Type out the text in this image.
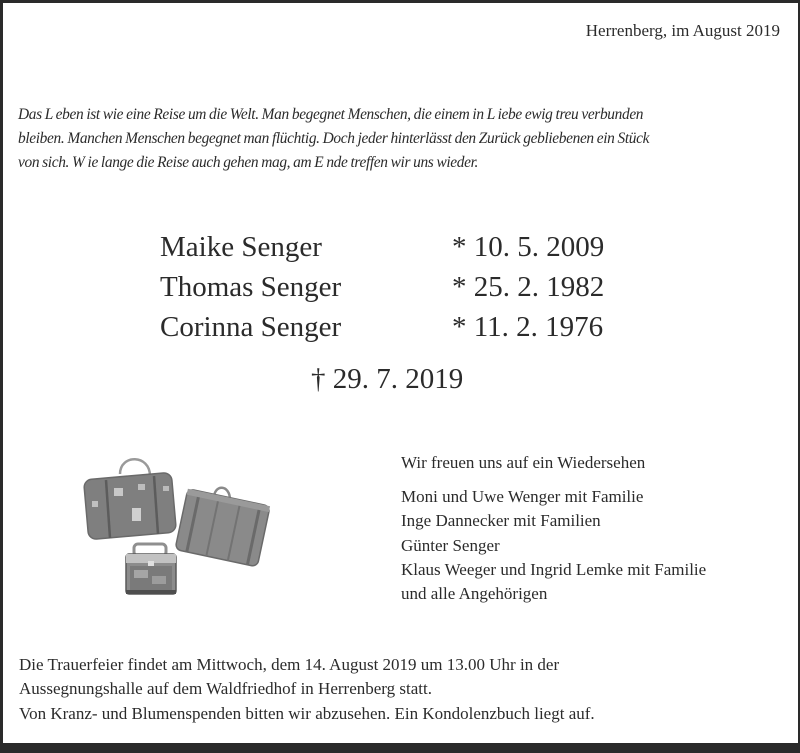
Herrenberg, im August 2019
Das L eben ist wie eine Reise um die Welt. Man begegnet Menschen, die einem in L iebe ewig treu verbunden
bleiben. Manchen Menschen begegnet man flüchtig. Doch jeder hinterlässt den Zurück gebliebenen ein Stück
von sich. W ie lange die Reise auch gehen mag, am E nde treffen wir uns wieder.
Maike Senger	* 10. 5. 2009
Thomas Senger	* 25. 2. 1982
Corinna Senger	* 11. 2. 1976
† 29. 7. 2019
Wir freuen uns auf ein Wiedersehen
Moni und Uwe Wenger mit Familie
Inge Dannecker mit Familien
Günter Senger
Klaus Weeger und Ingrid Lemke mit Familie
und alle Angehörigen
Die Trauerfeier findet am Mittwoch, dem 14. August 2019 um 13.00 Uhr in der
Aussegnungshalle auf dem Waldfriedhof in Herrenberg statt.
Von Kranz- und Blumenspenden bitten wir abzusehen. Ein Kondolenzbuch liegt auf.
